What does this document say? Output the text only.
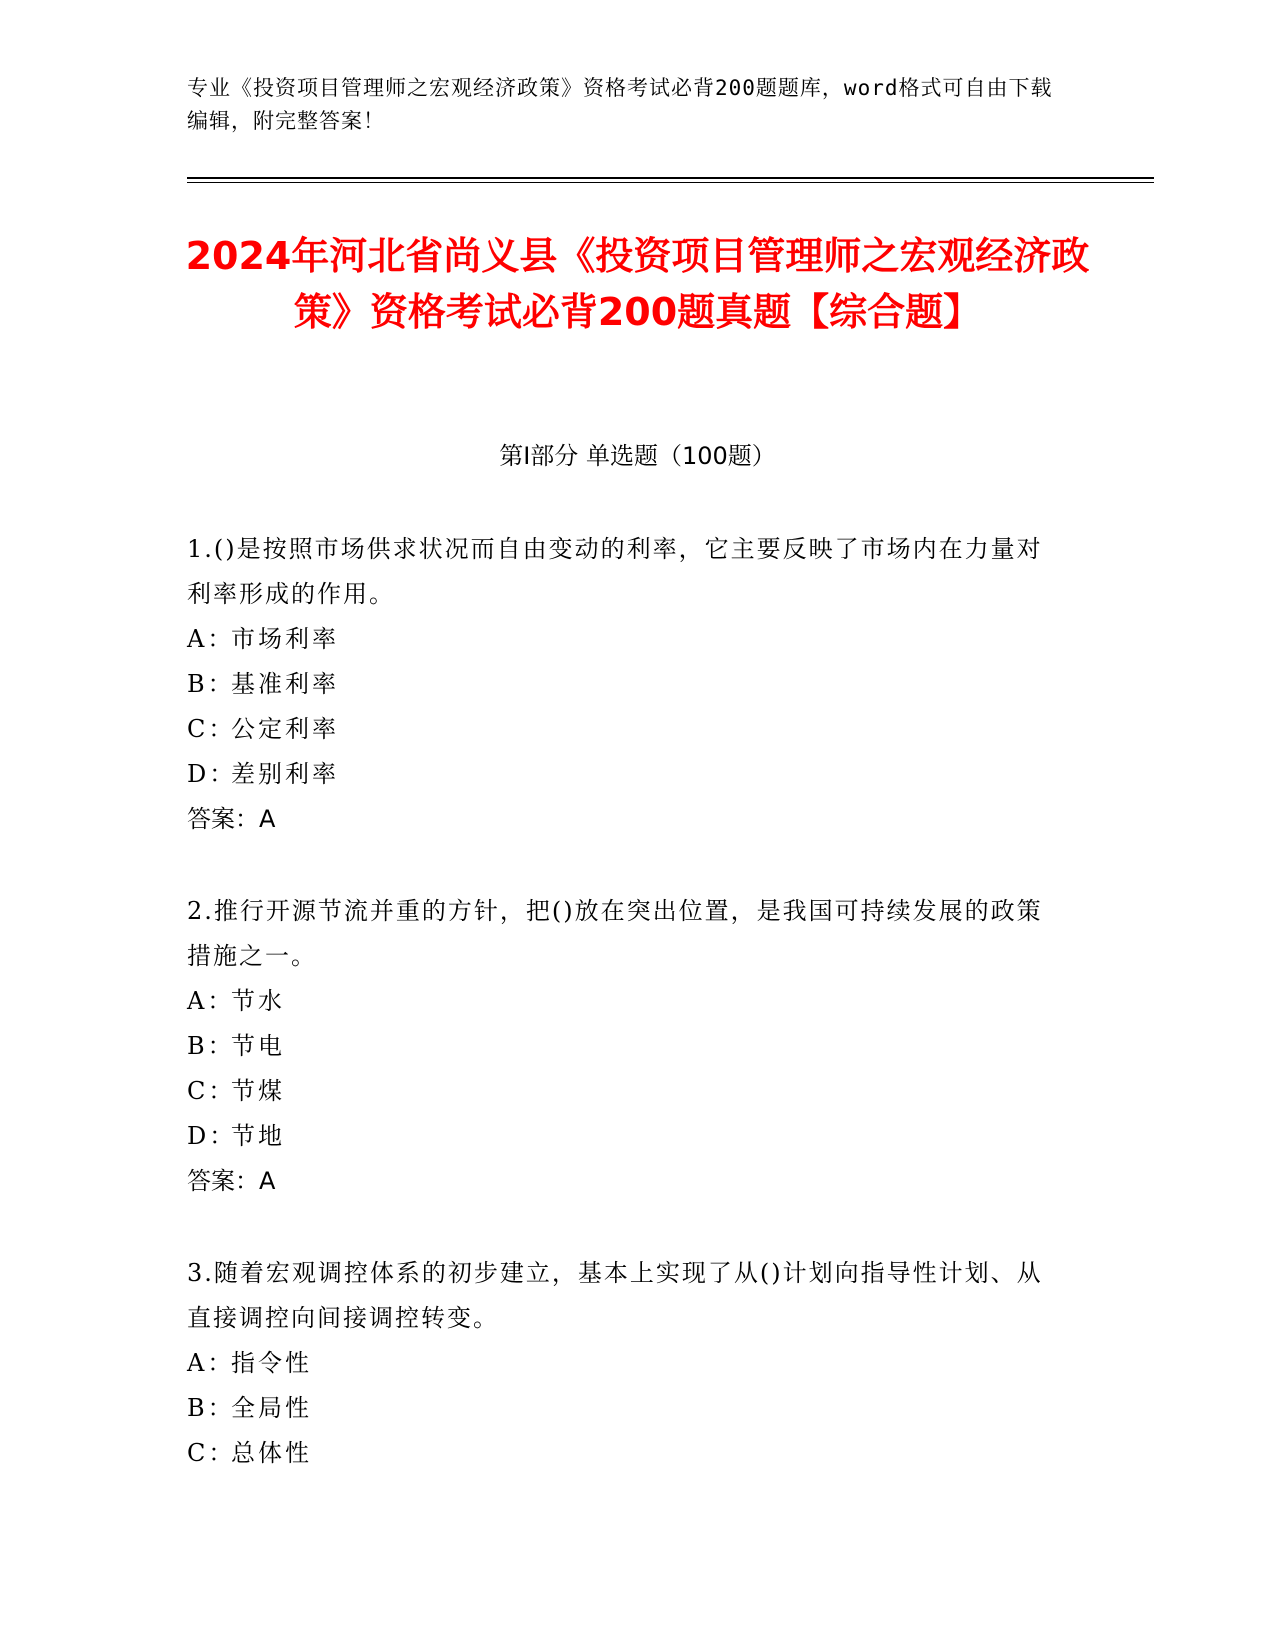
专业《投资项目管理师之宏观经济政策》资格考试必背200题题库，word格式可自由下载编辑，附完整答案！
2024年河北省尚义县《投资项目管理师之宏观经济政策》资格考试必背200题真题【综合题】
第I部分 单选题（100题）
1.()是按照市场供求状况而自由变动的利率，它主要反映了市场内在力量对利率形成的作用。
A：市场利率
B：基准利率
C：公定利率
D：差别利率
答案：A
2.推行开源节流并重的方针，把()放在突出位置，是我国可持续发展的政策措施之一。
A：节水
B：节电
C：节煤
D：节地
答案：A
3.随着宏观调控体系的初步建立，基本上实现了从()计划向指导性计划、从直接调控向间接调控转变。
A：指令性
B：全局性
C：总体性
